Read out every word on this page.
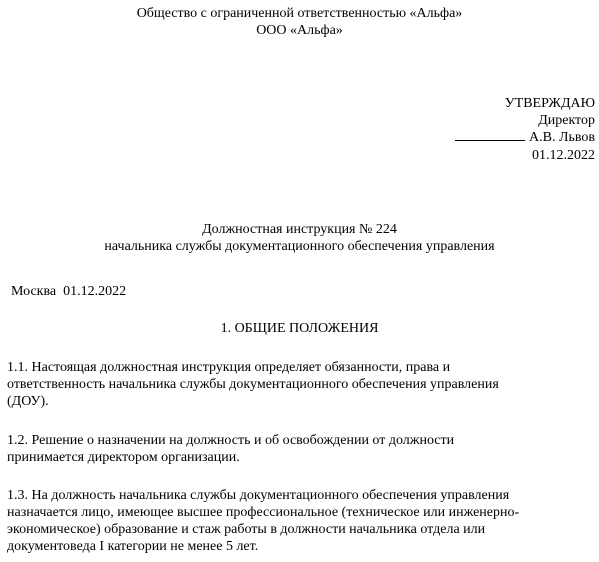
Общество с ограниченной ответственностью «Альфа»
ООО «Альфа»
УТВЕРЖДАЮ
Директор
А.В. Львов
01.12.2022
Должностная инструкция № 224
начальника службы документационного обеспечения управления
Москва  01.12.2022
1. ОБЩИЕ ПОЛОЖЕНИЯ
1.1. Настоящая должностная инструкция определяет обязанности, права и
ответственность начальника службы документационного обеспечения управления
(ДОУ).
1.2. Решение о назначении на должность и об освобождении от должности
принимается директором организации.
1.3. На должность начальника службы документационного обеспечения управления
назначается лицо, имеющее высшее профессиональное (техническое или инженерно-
экономическое) образование и стаж работы в должности начальника отдела или
документоведа I категории не менее 5 лет.
